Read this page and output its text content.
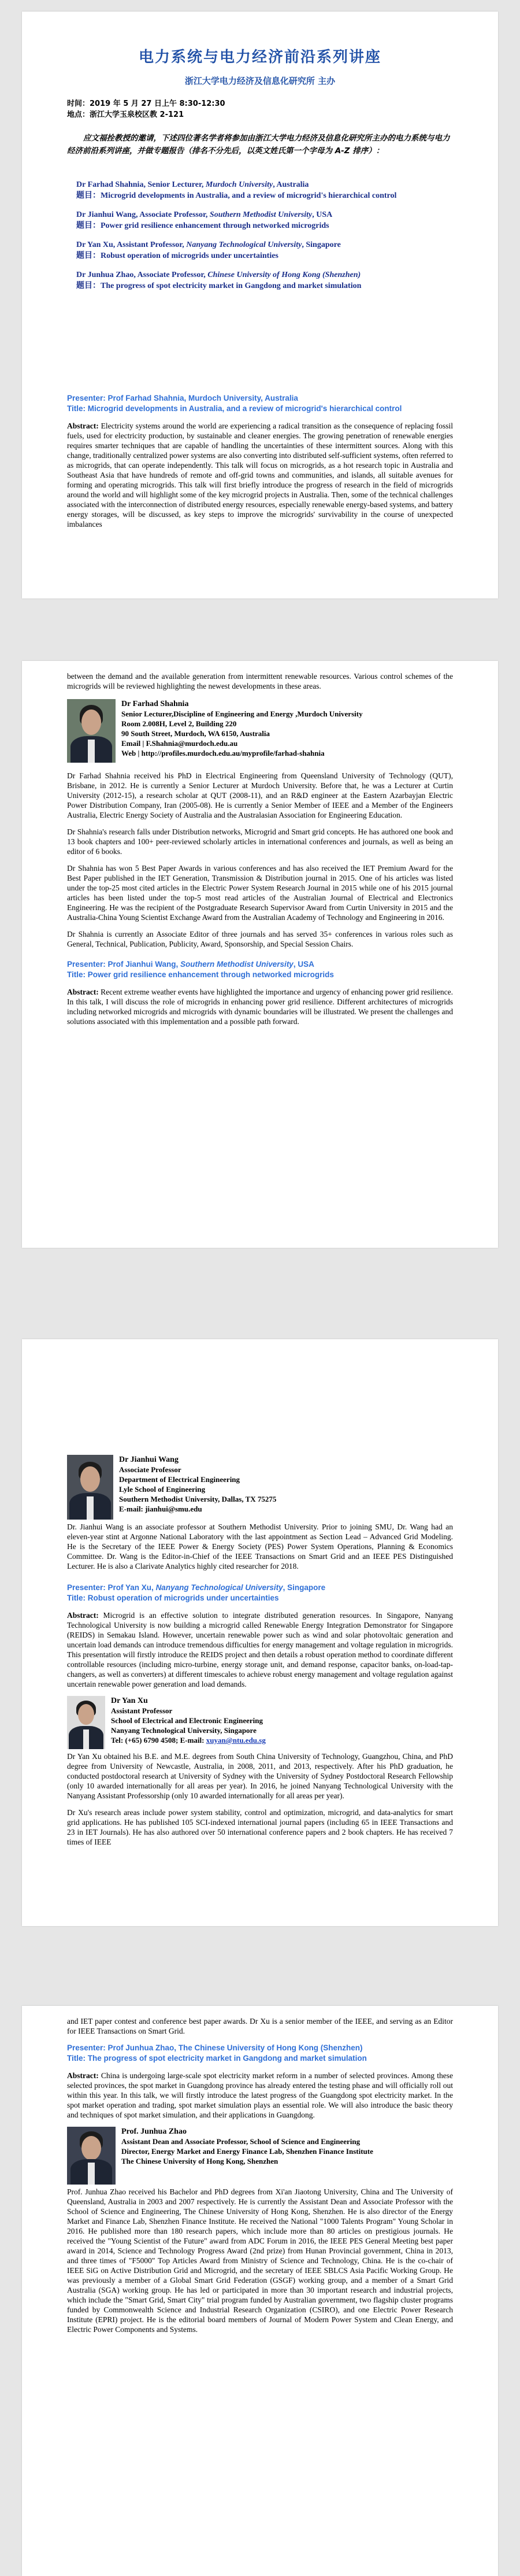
电力系统与电力经济前沿系列讲座
浙江大学电力经济及信息化研究所 主办
时间：2019 年 5 月 27 日上午 8:30-12:30
地点：浙江大学玉泉校区教 2-121
应文福拴教授的邀请，下述四位著名学者将参加由浙江大学电力经济及信息化研究所主办的电力系统与电力经济前沿系列讲座，并做专题报告（排名不分先后，以英文姓氏第一个字母为 A-Z 排序）：
Dr Farhad Shahnia, Senior Lecturer, Murdoch University, Australia
题目：Microgrid developments in Australia, and a review of microgrid's hierarchical control
Dr Jianhui Wang, Associate Professor, Southern Methodist University, USA
题目：Power grid resilience enhancement through networked microgrids
Dr Yan Xu, Assistant Professor, Nanyang Technological University, Singapore
题目：Robust operation of microgrids under uncertainties
Dr Junhua Zhao, Associate Professor, Chinese University of Hong Kong (Shenzhen)
题目：The progress of spot electricity market in Gangdong and market simulation
Presenter: Prof Farhad Shahnia, Murdoch University, Australia
Title: Microgrid developments in Australia, and a review of microgrid's hierarchical control

Abstract: Electricity systems around the world are experiencing a radical transition as the consequence of replacing fossil fuels, used for electricity production, by sustainable and cleaner energies. The growing penetration of renewable energies requires smarter techniques that are capable of handling the uncertainties of these intermittent sources. Along with this change, traditionally centralized power systems are also converting into distributed self-sufficient systems, often referred to as microgrids, that can operate independently. This talk will focus on microgrids, as a hot research topic in Australia and Southeast Asia that have hundreds of remote and off-grid towns and communities, and islands, all suitable avenues for forming and operating microgrids. This talk will first briefly introduce the progress of research in the field of microgrids around the world and will highlight some of the key microgrid projects in Australia. Then, some of the technical challenges associated with the interconnection of distributed energy resources, especially renewable energy-based systems, and battery energy storages, will be discussed, as key steps to improve the microgrids' survivability in the course of unexpected imbalances

between the demand and the available generation from intermittent renewable resources. Various control schemes of the microgrids will be reviewed highlighting the newest developments in these areas.

Dr Farhad Shahnia
Senior Lecturer,Discipline of Engineering and Energy ,Murdoch University
Room 2.008H, Level 2, Building 220
90 South Street, Murdoch, WA 6150, Australia
Email | F.Shahnia@murdoch.edu.au
Web | http://profiles.murdoch.edu.au/myprofile/farhad-shahnia

Dr Farhad Shahnia received his PhD in Electrical Engineering from Queensland University of Technology (QUT), Brisbane, in 2012. He is currently a Senior Lecturer at Murdoch University. Before that, he was a Lecturer at Curtin University (2012-15), a research scholar at QUT (2008-11), and an R&D engineer at the Eastern Azarbayjan Electric Power Distribution Company, Iran (2005-08). He is currently a Senior Member of IEEE and a Member of the Engineers Australia, Electric Energy Society of Australia and the Australasian Association for Engineering Education.

Dr Shahnia's research falls under Distribution networks, Microgrid and Smart grid concepts. He has authored one book and 13 book chapters and 100+ peer-reviewed scholarly articles in international conferences and journals, as well as being an editor of 6 books.

Dr Shahnia has won 5 Best Paper Awards in various conferences and has also received the IET Premium Award for the Best Paper published in the IET Generation, Transmission & Distribution journal in 2015. One of his articles was listed under the top-25 most cited articles in the Electric Power System Research Journal in 2015 while one of his 2015 journal articles has been listed under the top-5 most read articles of the Australian Journal of Electrical and Electronics Engineering. He was the recipient of the Postgraduate Research Supervisor Award from Curtin University in 2015 and the Australia-China Young Scientist Exchange Award from the Australian Academy of Technology and Engineering in 2016.

Dr Shahnia is currently an Associate Editor of three journals and has served 35+ conferences in various roles such as General, Technical, Publication, Publicity, Award, Sponsorship, and Special Session Chairs.

Presenter: Prof Jianhui Wang, Southern Methodist University, USA
Title: Power grid resilience enhancement through networked microgrids

Abstract: Recent extreme weather events have highlighted the importance and urgency of enhancing power grid resilience. In this talk, I will discuss the role of microgrids in enhancing power grid resilience. Different architectures of microgrids including networked microgrids and microgrids with dynamic boundaries will be illustrated. We present the challenges and solutions associated with this implementation and a possible path forward.

Dr Jianhui Wang
Associate Professor
Department of Electrical Engineering
Lyle School of Engineering
Southern Methodist University, Dallas, TX 75275
E-mail: jianhui@smu.edu

Dr. Jianhui Wang is an associate professor at Southern Methodist University. Prior to joining SMU, Dr. Wang had an eleven-year stint at Argonne National Laboratory with the last appointment as Section Lead – Advanced Grid Modeling. He is the Secretary of the IEEE Power & Energy Society (PES) Power System Operations, Planning & Economics Committee. Dr. Wang is the Editor-in-Chief of the IEEE Transactions on Smart Grid and an IEEE PES Distinguished Lecturer. He is also a Clarivate Analytics highly cited researcher for 2018.

Presenter: Prof Yan Xu, Nanyang Technological University, Singapore
Title: Robust operation of microgrids under uncertainties

Abstract: Microgrid is an effective solution to integrate distributed generation resources. In Singapore, Nanyang Technological University is now building a microgrid called Renewable Energy Integration Demonstrator for Singapore (REIDS) in Semakau Island. However, uncertain renewable power such as wind and solar photovoltaic generation and uncertain load demands can introduce tremendous difficulties for energy management and voltage regulation in microgrids. This presentation will firstly introduce the REIDS project and then details a robust operation method to coordinate different controllable resources (including micro-turbine, energy storage unit, and demand response, capacitor banks, on-load-tap-changers, as well as converters) at different timescales to achieve robust energy management and voltage regulation against uncertain renewable power generation and load demands.

Dr Yan Xu
Assistant Professor
School of Electrical and Electronic Engineering
Nanyang Technological University, Singapore
Tel: (+65) 6790 4508; E-mail: xuyan@ntu.edu.sg

Dr Yan Xu obtained his B.E. and M.E. degrees from South China University of Technology, Guangzhou, China, and PhD degree from University of Newcastle, Australia, in 2008, 2011, and 2013, respectively. After his PhD graduation, he conducted postdoctoral research at University of Sydney with the University of Sydney Postdoctoral Research Fellowship (only 10 awarded internationally for all areas per year). In 2016, he joined Nanyang Technological University with the Nanyang Assistant Professorship (only 10 awarded internationally for all areas per year).

Dr Xu's research areas include power system stability, control and optimization, microgrid, and data-analytics for smart grid applications. He has published 105 SCI-indexed international journal papers (including 65 in IEEE Transactions and 23 in IET Journals). He has also authored over 50 international conference papers and 2 book chapters. He has received 7 times of IEEE

and IET paper contest and conference best paper awards. Dr Xu is a senior member of the IEEE, and serving as an Editor for IEEE Transactions on Smart Grid.

Presenter: Prof Junhua Zhao, The Chinese University of Hong Kong (Shenzhen)
Title: The progress of spot electricity market in Gangdong and market simulation

Abstract: China is undergoing large-scale spot electricity market reform in a number of selected provinces. Among these selected provinces, the spot market in Guangdong province has already entered the testing phase and will officially roll out within this year. In this talk, we will firstly introduce the latest progress of the Guangdong spot electricity market. In the spot market operation and trading, spot market simulation plays an essential role. We will also introduce the basic theory and techniques of spot market simulation, and their applications in Guangdong.

Prof. Junhua Zhao
Assistant Dean and Associate Professor, School of Science and Engineering
Director, Energy Market and Energy Finance Lab, Shenzhen Finance Institute
The Chinese University of Hong Kong, Shenzhen

Prof. Junhua Zhao received his Bachelor and PhD degrees from Xi'an Jiaotong University, China and The University of Queensland, Australia in 2003 and 2007 respectively. He is currently the Assistant Dean and Associate Professor with the School of Science and Engineering, The Chinese University of Hong Kong, Shenzhen. He is also director of the Energy Market and Finance Lab, Shenzhen Finance Institute. He received the National "1000 Talents Program" Young Scholar in 2016. He published more than 180 research papers, which include more than 80 articles on prestigious journals. He received the "Young Scientist of the Future" award from ADC Forum in 2016, the IEEE PES General Meeting best paper award in 2014, Science and Technology Progress Award (2nd prize) from Hunan Provincial government, China in 2013, and three times of "F5000" Top Articles Award from Ministry of Science and Technology, China. He is the co-chair of IEEE SiG on Active Distribution Grid and Microgrid, and the secretary of IEEE SBLCS Asia Pacific Working Group. He was previously a member of a Global Smart Grid Federation (GSGF) working group, and a member of a Smart Grid Australia (SGA) working group. He has led or participated in more than 30 important research and industrial projects, which include the "Smart Grid, Smart City" trial program funded by Australian government, two flagship cluster programs funded by Commonwealth Science and Industrial Research Organization (CSIRO), and one Electric Power Research Institute (EPRI) project. He is the editorial board members of Journal of Modern Power System and Clean Energy, and Electric Power Components and Systems.
